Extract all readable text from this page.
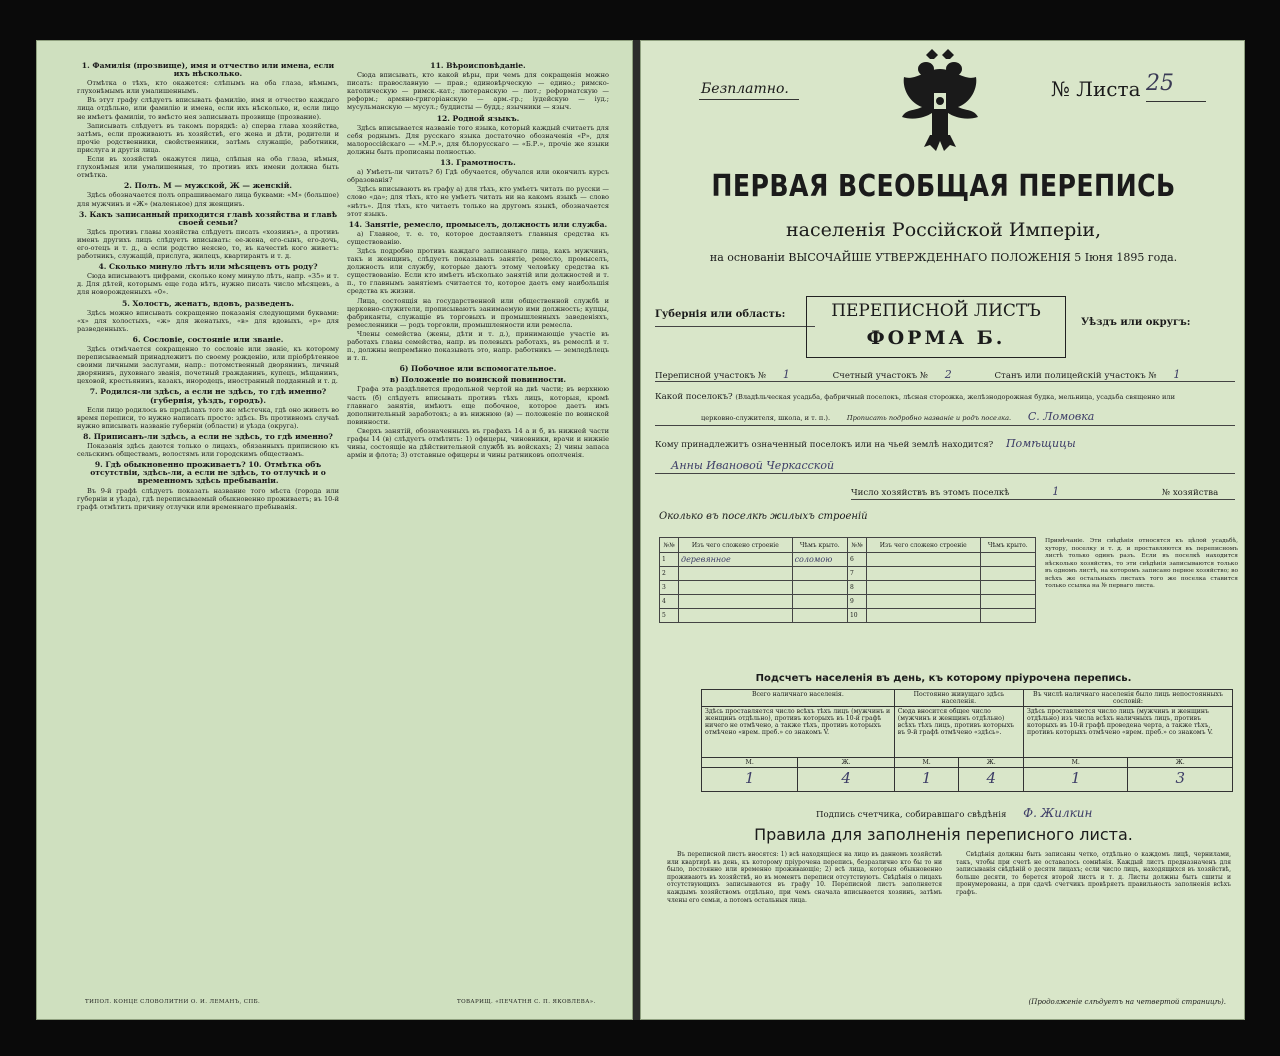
1. Фамилія (прозвище), имя и отчество или имена, если ихъ нѣсколько.

Отмѣтка о тѣхъ, кто окажется: слѣпымъ на оба глаза, нѣмымъ, глухонѣмымъ или умалишеннымъ.

Въ этут графу слѣдуетъ вписывать фамилію, имя и отчество каждаго лица отдѣльно, или фамилію и имена, если ихъ нѣсколько, и, если лицо не имѣетъ фамиліи, то вмѣсто нея записывать прозвище (прозвание).

Записывать слѣдуетъ въ такомъ порядкѣ: а) сперва глава хозяйства, затѣмъ, если проживаютъ въ хозяйствѣ, его жена и дѣти, родители и прочіе родственники, свойственники, затѣмъ служащіе, работники, прислуга и другія лица.

Если въ хозяйствѣ окажутся лица, слѣпыя на оба глаза, нѣмыя, глухонѣмыя или умалишенныя, то противъ ихъ имени должна быть отмѣтка.

2. Полъ. М — мужской, Ж — женскій.

Здѣсь обозначается полъ опрашиваемаго лица буквами: «М» (большое) для мужчинъ и «Ж» (маленькое) для женщинъ.

3. Какъ записанный приходится главѣ хозяйства и главѣ своей семьи?

Здѣсь противъ главы хозяйства слѣдуетъ писать «хозяинъ», а противъ именъ другихъ лицъ слѣдуетъ вписывать: ее-жена, его-сынъ, его-дочь, его-отецъ и т. д., а если родство неясно, то, въ качествѣ кого живетъ: работникъ, служащій, прислуга, жилецъ, квартирантъ и т. д.

4. Сколько минуло лѣтъ или мѣсяцевъ отъ роду?

Сюда вписываютъ цифрами, сколько кому минуло лѣтъ, напр. «35» и т. д. Для дѣтей, которымъ еще года нѣтъ, нужно писать число мѣсяцевъ, а для новорожденныхъ «0».

5. Холостъ, женатъ, вдовъ, разведенъ.

Здѣсь можно вписывать сокращенно показанія следующими буквами: «х» для холостыхъ, «ж» для женатыхъ, «в» для вдовыхъ, «р» для разведенныхъ.

6. Сословіе, состояніе или званіе.

Здѣсь отмѣчается сокращенно то сословіе или званіе, къ которому переписываемый принадлежитъ по своему рожденію, или пріобрѣтенное своими личными заслугами, напр.: потомственный дворянинъ, личный дворянинъ, духовнаго званія, почетный гражданинъ, купецъ, мѣщанинъ, цеховой, крестьянинъ, казакъ, инородецъ, иностранный подданный и т. д.

7. Родился-ли здѣсь, а если не здѣсь, то гдѣ именно? (губернія, уѣздъ, городъ).

Если лицо родилось въ предѣлахъ того же мѣстечка, гдѣ оно живетъ во время переписи, то нужно написать просто: здѣсь. Въ противномъ случаѣ нужно вписывать названіе губерніи (области) и уѣзда (округа).

8. Приписанъ-ли здѣсь, а если не здѣсь, то гдѣ именно?

Показанія здѣсь даются только о лицахъ, обязанныхъ приписною къ сельскимъ обществамъ, волостямъ или городскимъ обществамъ.

9. Гдѣ обыкновенно проживаетъ? 10. Отмѣтка объ отсутствіи, здѣсь-ли, а если не здѣсь, то отлучкѣ и о временномъ здѣсь пребываніи.

Въ 9-й графѣ слѣдуетъ показать название того мѣста (города или губерніи и уѣзда), гдѣ переписываемый обыкновенно проживаетъ; въ 10-й графѣ отмѣтить причину отлучки или временнаго пребыванія.

11. Вѣроисповѣданіе.

Сюда вписывать, кто какой вѣры, при чемъ для сокращенія можно писать: православную — прав.; единовѣрческую — едино.; римско-католическую — римск.-кат.; лютеранскую — лют.; реформатскую — реформ.; армяно-григоріанскую — арм.-гр.; іудейскую — іуд.; мусульманскую — мусул.; буддисты — будд.; язычники — языч.

12. Родной языкъ.

Здѣсь вписывается названіе того языка, который каждый считаетъ для себя роднымъ. Для русскаго языка достаточно обозначенія «Р», для малороссійскаго — «М.Р.», для бѣлорусскаго — «Б.Р.», прочіе же языки должны быть прописаны полностью.

13. Грамотность.

а) Умѣетъ-ли читать? б) Гдѣ обучается, обучался или окончилъ курсъ образованія?

Здѣсь вписываютъ въ графу а) для тѣхъ, кто умѣетъ читать по русски — слово «да»; для тѣхъ, кто не умѣетъ читать ни на какомъ языкѣ — слово «нѣтъ». Для тѣхъ, кто читаетъ только на другомъ языкѣ, обозначается этот языкъ.

14. Занятіе, ремесло, промыселъ, должность или служба.

а) Главное, т. е. то, которое доставляетъ главныя средства къ существованію.

Здѣсь подробно противъ каждаго записаннаго лица, какъ мужчинъ, такъ и женщинъ, слѣдуетъ показывать занятіе, ремесло, промыселъ, должность или службу, которые даютъ этому человѣку средства къ существованію. Если кто имѣетъ нѣсколько занятій или должностей и т. п., то главнымъ занятіемъ считается то, которое даетъ ему наибольшія средства къ жизни.

Лица, состоящія на государственной или общественной службѣ и церковно-служители, прописываютъ занимаемую ими должность; купцы, фабриканты, служащіе въ торговыхъ и промышленныхъ заведеніяхъ, ремесленники — родъ торговли, промышленности или ремесла.

Члены семейства (жены, дѣти и т. д.), принимающіе участіе въ работахъ главы семейства, напр. въ полевыхъ работахъ, въ ремеслѣ и т. п., должны непремѣнно показывать это, напр. работникъ — земледѣлецъ и т. п.

б) Побочное или вспомогательное.
в) Положеніе по воинской повинности.

Графа эта раздѣляется продольной чертой на двѣ части; въ верхнюю часть (б) слѣдуетъ вписывать противъ тѣхъ лицъ, которыя, кромѣ главнаго занятія, имѣютъ еще побочное, которое даетъ имъ дополнительный заработокъ; а въ нижнюю (в) — положеніе по воинской повинности.

Сверхъ занятій, обозначенныхъ въ графахъ 14 а и б, въ нижней части графы 14 (в) слѣдуетъ отмѣтить: 1) офицеры, чиновники, врачи и нижніе чины, состоящіе на дѣйствительной службѣ въ войскахъ; 2) чины запаса армін и флота; 3) отставные офицеры и чины ратниковъ ополченія.

ТИПОЛ. КОНЦЕ СЛОВОЛИТНИ О. И. ЛЕМАНЪ, СПБ.	ТОВАРИЩ. «ПЕЧАТНЯ С. П. ЯКОВЛЕВА».
Безплатно.	№ Листа 25
ПЕРВАЯ ВСЕОБЩАЯ ПЕРЕПИСЬ
населенія Россійской Имперіи,
на основаніи ВЫСОЧАЙШЕ УТВЕРЖДЕННАГО ПОЛОЖЕНІЯ 5 Іюня 1895 года.
Губернія или область:	ПЕРЕПИСНОЙ ЛИСТЪ
ФОРМА Б.
Уѣздъ или округъ:
Переписной участокъ № 1	Счетный участокъ № 2	Станъ или полицейскій участокъ № 1
Какой поселокъ? (Владѣльческая усадьба, фабричный поселокъ, лѣсная сторожка, желѣзнодорожная будка, мельница, усадьба священно или
церковно-служителя, школа, и т. п.).	Прописать подробно названіе и родъ поселка. С. Ломовка
Кому принадлежитъ означенный поселокъ или на чьей землѣ находится? Помѣщицы
Анны Ивановой Черкасской
Число хозяйствъ въ этомъ поселкѣ	1	№ хозяйства
Околько въ поселкѣ жилыхъ строеній
№№	Изъ чего сложено строеніе	Чѣмъ крыто.	№№	Изъ чего сложено строеніе	Чѣмъ крыто.
1	деревянное	соломою	6		
2			7		
3			8		
4			9		
5			10		
Примѣчаніе. Эти свѣдѣнія относятся къ цѣлой усадьбѣ, хутору, поселку и т. д. и проставляются въ переписномъ листѣ только одинъ разъ. Если въ поселкѣ находится нѣсколько хозяйствъ, то эти свѣдѣнія записываются только въ одномъ листѣ, на которомъ записано первое хозяйство; во всѣхъ же остальныхъ листахъ того же поселка ставится только ссылка на № перваго листа.
Подсчетъ населенія въ день, къ которому пріурочена перепись.
Всего наличнаго населенія.		Постоянно живущаго здѣсь населенія.		Въ числѣ наличнаго населенія было лицъ непостоянныхъ сословій:	
Здѣсь проставляется число всѣхъ тѣхъ лицъ (мужчинъ и женщинъ отдѣльно), противъ которыхъ въ 10-й графѣ ничего не отмѣчено, а также тѣхъ, противъ которыхъ отмѣчено «врем. преб.» со знакомъ V.		Сюда вносится общее число (мужчинъ и женщинъ отдѣльно) всѣхъ тѣхъ лицъ, противъ которыхъ въ 9-й графѣ отмѣчено «здѣсь».		Здѣсь проставляется число лицъ (мужчинъ и женщинъ отдѣльно) изъ числа всѣхъ наличныхъ лицъ, противъ которыхъ въ 10-й графѣ проведена черта, а также тѣхъ, противъ которыхъ отмѣчено «врем. преб.» со знакомъ V.	
М.	Ж.	М.	Ж.	М.	Ж.
1	4	1	4	1	3
Подпись счетчика, собиравшаго свѣдѣнія Ф. Жилкин
Правила для заполненія переписного листа.

Въ переписной листъ вносятся: 1) всѣ находящіеся на лицо въ данномъ хозяйствѣ или квартирѣ въ день, къ которому пріурочена перепись, безразлично кто бы то ни было, постоянно или временно проживающіе; 2) всѣ лица, которыя обыкновенно проживаютъ въ хозяйствѣ, но въ моментъ переписи отсутствуютъ. Свѣдѣнія о лицахъ отсутствующихъ записываются въ графу 10. Переписной листъ заполняется каждымъ хозяйствомъ отдѣльно, при чемъ сначала вписывается хозяинъ, затѣмъ члены его семьи, а потомъ остальныя лица.

Свѣдѣнія должны быть записаны четко, отдѣльно о каждомъ лицѣ, чернилами, такъ, чтобы при счетѣ не оставалось сомнѣнія. Каждый листъ предназначенъ для записыванія свѣдѣній о десяти лицахъ; если число лицъ, находящихся въ хозяйствѣ, больше десяти, то берется второй листъ и т. д. Листы должны быть сшиты и пронумерованы, а при сдачѣ счетчикъ провѣряетъ правильность заполненія всѣхъ графъ.

(Продолженіе слѣдуетъ на четвертой страницѣ).
